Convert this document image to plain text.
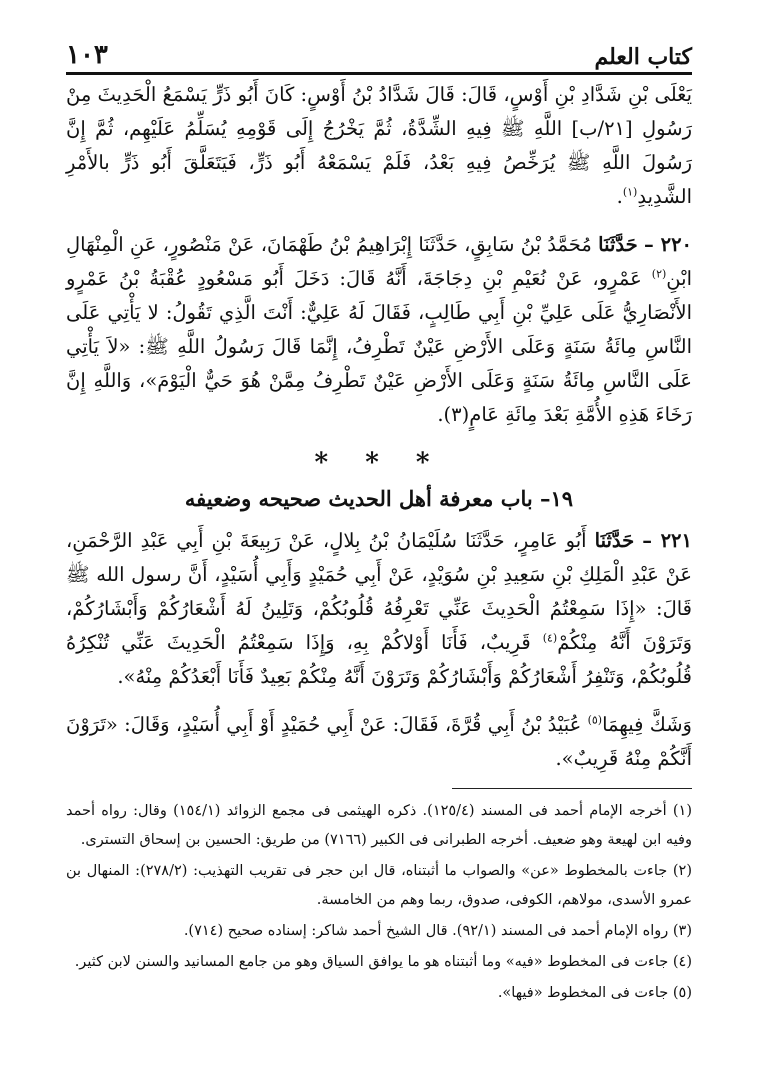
كتاب العلم
١٠٣

يَعْلَى بْنِ شَدَّادِ بْنِ أَوْسٍ، قَالَ: قَالَ شَدَّادُ بْنُ أَوْسٍ: كَانَ أَبُو ذَرٍّ يَسْمَعُ الْحَدِيثَ مِنْ رَسُولِ [٢١/ب] اللَّهِ ﷺ فِيهِ الشِّدَّةُ، ثُمَّ يَخْرُجُ إِلَى قَوْمِهِ يُسَلِّمُ عَلَيْهِم، ثُمَّ إِنَّ رَسُولَ اللَّهِ ﷺ يُرَخِّصُ فِيهِ بَعْدُ، فَلَمْ يَسْمَعْهُ أَبُو ذَرٍّ، فَيَتَعَلَّقَ أَبُو ذَرٍّ بالأَمْرِ الشَّدِيدِ$^{(١)}$.

٢٢٠ – حَدَّثَنَا مُحَمَّدُ بْنُ سَابِقٍ، حَدَّثَنَا إِبْرَاهِيمُ بْنُ طَهْمَانَ، عَنْ مَنْصُورٍ، عَنِ الْمِنْهَالِ ابْنِ$^{(٢)}$ عَمْرٍو، عَنْ نُعَيْمِ بْنِ دِجَاجَةَ، أَنَّهُ قَالَ: دَخَلَ أَبُو مَسْعُودٍ عُقْبَةُ بْنُ عَمْرٍو الأَنْصَارِيُّ عَلَى عَلِيِّ بْنِ أَبِي طَالِبٍ، فَقَالَ لَهُ عَلِيٌّ: أَنْتَ الَّذِي تَقُولُ: لا يَأْتِي عَلَى النَّاسِ مِائَةُ سَنَةٍ وَعَلَى الأَرْضِ عَيْنٌ تَطْرِفُ، إِنَّمَا قَالَ رَسُولُ اللَّهِ ﷺ: «لاَ يَأْتِي عَلَى النَّاسِ مِائَةُ سَنَةٍ وَعَلَى الأَرْضِ عَيْنٌ تَطْرِفُ مِمَّنْ هُوَ حَيٌّ الْيَوْمَ»، وَاللَّهِ إِنَّ رَخَاءَ هَذِهِ الأُمَّةِ بَعْدَ مِائَةِ عَامٍ(٣).

* * *
١٩– باب معرفة أهل الحديث صحيحه وضعيفه

٢٢١ – حَدَّثَنَا أَبُو عَامِرٍ، حَدَّثَنَا سُلَيْمَانُ بْنُ بِلالٍ، عَنْ رَبِيعَةَ بْنِ أَبِي عَبْدِ الرَّحْمَنِ، عَنْ عَبْدِ الْمَلِكِ بْنِ سَعِيدِ بْنِ سُوَيْدٍ، عَنْ أَبِي حُمَيْدٍ وَأَبِي أُسَيْدٍ، أَنَّ رسول الله ﷺ قَالَ: «إِذَا سَمِعْتُمُ الْحَدِيثَ عَنِّي تَعْرِفُهُ قُلُوبُكُمْ، وَتَلِينُ لَهُ أَشْعَارُكُمْ وَأَبْشَارُكُمْ، وَتَرَوْنَ أَنَّهُ مِنْكُمْ$^{(٤)}$ قَرِيبٌ، فَأَنَا أَوْلاكُمْ بِهِ، وَإِذَا سَمِعْتُمُ الْحَدِيثَ عَنِّي تُنْكِرُهُ قُلُوبُكُمْ، وَتَنْفِرُ أَشْعَارُكُمْ وَأَبْشَارُكُمْ وَتَرَوْنَ أَنَّهُ مِنْكُمْ بَعِيدٌ فَأَنَا أَبْعَدُكُمْ مِنْهُ».

وَشَكَّ فِيهِمَا$^{(٥)}$ عُبَيْدُ بْنُ أَبِي قُرَّةَ، فَقَالَ: عَنْ أَبِي حُمَيْدٍ أَوْ أَبِي أُسَيْدٍ، وَقَالَ: «تَرَوْنَ أَنَّكُمْ مِنْهُ قَرِيبٌ».

(١) أخرجه الإمام أحمد فى المسند (١٢٥/٤). ذكره الهيثمى فى مجمع الزوائد (١٥٤/١) وقال: رواه أحمد وفيه ابن لهيعة وهو ضعيف. أخرجه الطبرانى فى الكبير (٧١٦٦) من طريق: الحسين بن إسحاق التسترى.
(٢) جاءت بالمخطوط «عن» والصواب ما أثبتناه، قال ابن حجر فى تقريب التهذيب: (٢٧٨/٢): المنهال بن عمرو الأسدى، مولاهم، الكوفى، صدوق، ربما وهم من الخامسة.
(٣) رواه الإمام أحمد فى المسند (٩٢/١). قال الشيخ أحمد شاكر: إسناده صحيح (٧١٤).
(٤) جاءت فى المخطوط «فيه» وما أثبتناه هو ما يوافق السياق وهو من جامع المسانيد والسنن لابن كثير.
(٥) جاءت فى المخطوط «فيها».
